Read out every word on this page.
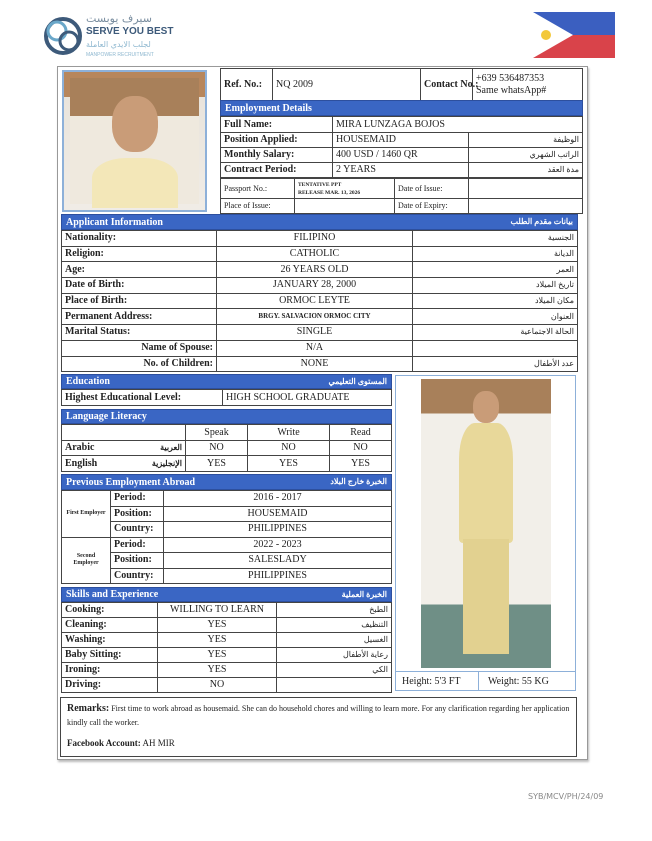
سيرف يوبست
SERVE YOU BEST
لجلب الايدي العاملة
MANPOWER RECRUITMENT
Ref. No.:	NQ 2009	Contact No.:	
+639 536487353
Same whatsApp#
Employment Details
Full Name:	MIRA LUNZAGA BOJOS	
Position Applied:	HOUSEMAID	الوظيفة
Monthly Salary:	400 USD / 1460 QR	الراتب الشهري
Contract Period:	2 YEARS	مدة العقد
Passport No.:	TENTATIVE PPT
RELEASE MAR. 13, 2026	Date of Issue:	
Place of Issue:		Date of Expiry:	
Applicant Information	بيانات مقدم الطلب
Nationality:	FILIPINO	الجنسية
Religion:	CATHOLIC	الديانة
Age:	26 YEARS OLD	العمر
Date of Birth:	JANUARY 28, 2000	تاريخ الميلاد
Place of Birth:	ORMOC LEYTE	مكان الميلاد
Permanent Address:	BRGY. SALVACION ORMOC CITY	العنوان
Marital Status:	SINGLE	الحالة الاجتماعية
Name of Spouse:	N/A	
No. of Children:	NONE	عدد الأطفال
Education	المستوى التعليمي
Highest Educational Level:	HIGH SCHOOL GRADUATE
Language Literacy
	Speak	Write	Read
Arabic العربية	NO	NO	NO
English الإنجليزية	YES	YES	YES
Previous Employment Abroad	الخبرة خارج البلاد
First Employer	Period:	2016 - 2017
	Position:	HOUSEMAID
	Country:	PHILIPPINES
Second Employer	Period:	2022 - 2023
	Position:	SALESLADY
	Country:	PHILIPPINES
Skills and Experience	الخبرة العملية
Cooking:	WILLING TO LEARN	الطبخ
Cleaning:	YES	التنظيف
Washing:	YES	الغسيل
Baby Sitting:	YES	رعاية الأطفال
Ironing:	YES	الكي
Driving:	NO		Height: 5'3 FT	Weight: 55 KG
Remarks: First time to work abroad as housemaid. She can do household chores and willing to learn more. For any clarification regarding her application kindly call the worker.
Facebook Account: AH MIR
SYB/MCV/PH/24/09
